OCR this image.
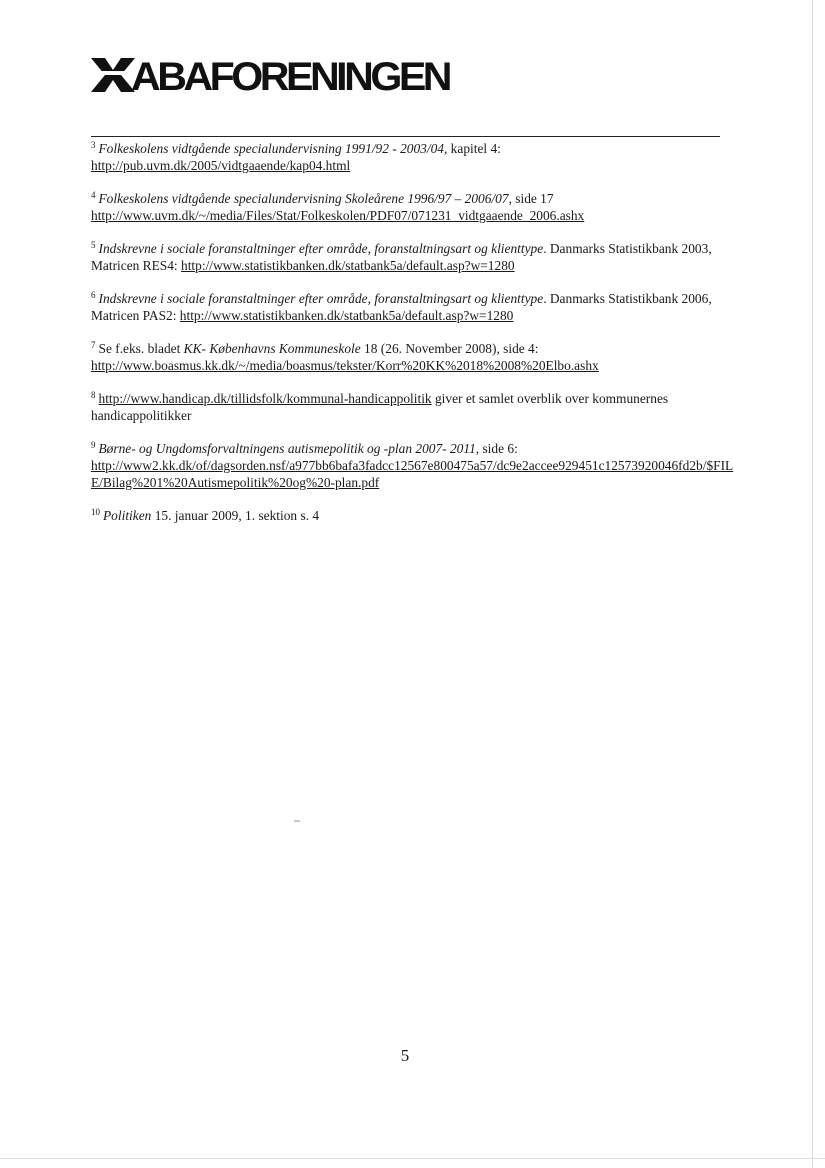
ABAFORENINGEN

$^3$ Folkeskolens vidtgående specialundervisning 1991/92 - 2003/04, kapitel 4:
http://pub.uvm.dk/2005/vidtgaaende/kap04.html

$^4$ Folkeskolens vidtgående specialundervisning Skoleårene 1996/97 – 2006/07, side 17
http://www.uvm.dk/~/media/Files/Stat/Folkeskolen/PDF07/071231_vidtgaaende_2006.ashx

$^5$ Indskrevne i sociale foranstaltninger efter område, foranstaltningsart og klienttype. Danmarks Statistikbank 2003,
Matricen RES4: http://www.statistikbanken.dk/statbank5a/default.asp?w=1280

$^6$ Indskrevne i sociale foranstaltninger efter område, foranstaltningsart og klienttype. Danmarks Statistikbank 2006,
Matricen PAS2: http://www.statistikbanken.dk/statbank5a/default.asp?w=1280

$^7$ Se f.eks. bladet KK- Københavns Kommuneskole 18 (26. November 2008), side 4:
http://www.boasmus.kk.dk/~/media/boasmus/tekster/Korr%20KK%2018%2008%20Elbo.ashx

$^8$ http://www.handicap.dk/tillidsfolk/kommunal-handicappolitik giver et samlet overblik over kommunernes
handicappolitikker

$^9$ Børne- og Ungdomsforvaltningens autismepolitik og -plan 2007- 2011, side 6:
http://www2.kk.dk/of/dagsorden.nsf/a977bb6bafa3fadcc12567e800475a57/dc9e2accee929451c12573920046fd2b/$FIL
E/Bilag%201%20Autismepolitik%20og%20-plan.pdf

$^{10}$ Politiken 15. januar 2009, 1. sektion s. 4

5
